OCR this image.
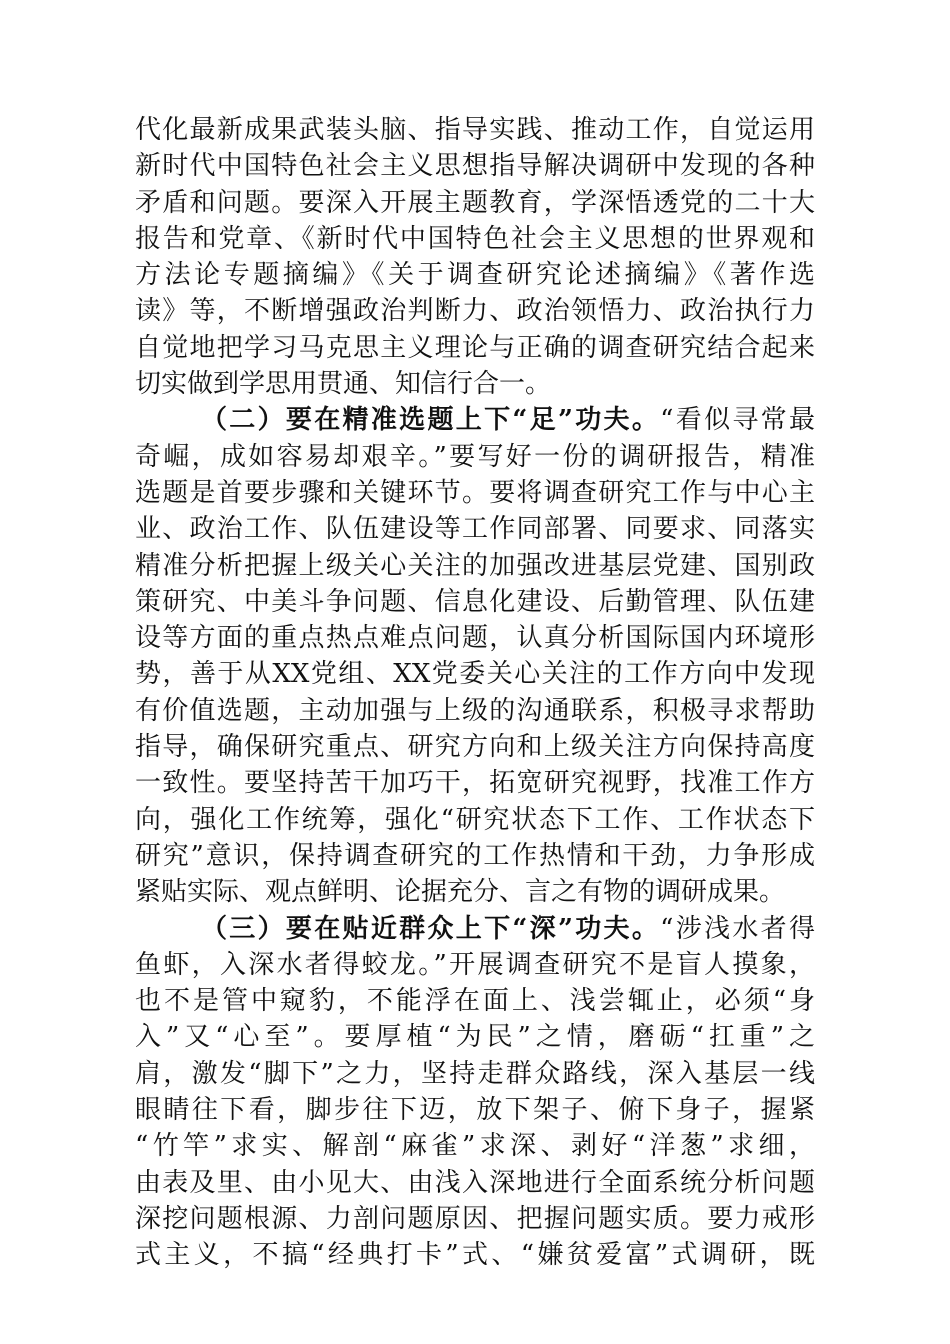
代化最新成果武装头脑、指导实践、推动工作，自觉运用
新时代中国特色社会主义思想指导解决调研中发现的各种
矛盾和问题。要深入开展主题教育，学深悟透党的二十大
报告和党章、《新时代中国特色社会主义思想的世界观和
方法论专题摘编》《关于调查研究论述摘编》《著作选
读》等，不断增强政治判断力、政治领悟力、政治执行力
自觉地把学习马克思主义理论与正确的调查研究结合起来
切实做到学思用贯通、知信行合一。
（二）要在精准选题上下“足”功夫。“看似寻常最
奇崛，成如容易却艰辛。”要写好一份的调研报告，精准
选题是首要步骤和关键环节。要将调查研究工作与中心主
业、政治工作、队伍建设等工作同部署、同要求、同落实
精准分析把握上级关心关注的加强改进基层党建、国别政
策研究、中美斗争问题、信息化建设、后勤管理、队伍建
设等方面的重点热点难点问题，认真分析国际国内环境形
势，善于从XX党组、XX党委关心关注的工作方向中发现
有价值选题，主动加强与上级的沟通联系，积极寻求帮助
指导，确保研究重点、研究方向和上级关注方向保持高度
一致性。要坚持苦干加巧干，拓宽研究视野，找准工作方
向，强化工作统筹，强化“研究状态下工作、工作状态下
研究”意识，保持调查研究的工作热情和干劲，力争形成
紧贴实际、观点鲜明、论据充分、言之有物的调研成果。
（三）要在贴近群众上下“深”功夫。“涉浅水者得
鱼虾，入深水者得蛟龙。”开展调查研究不是盲人摸象，
也不是管中窥豹，不能浮在面上、浅尝辄止，必须“身
入”又“心至”。要厚植“为民”之情，磨砺“扛重”之
肩，激发“脚下”之力，坚持走群众路线，深入基层一线
眼睛往下看，脚步往下迈，放下架子、俯下身子，握紧
“竹竿”求实、解剖“麻雀”求深、剥好“洋葱”求细，
由表及里、由小见大、由浅入深地进行全面系统分析问题
深挖问题根源、力剖问题原因、把握问题实质。要力戒形
式主义，不搞“经典打卡”式、“嫌贫爱富”式调研，既
